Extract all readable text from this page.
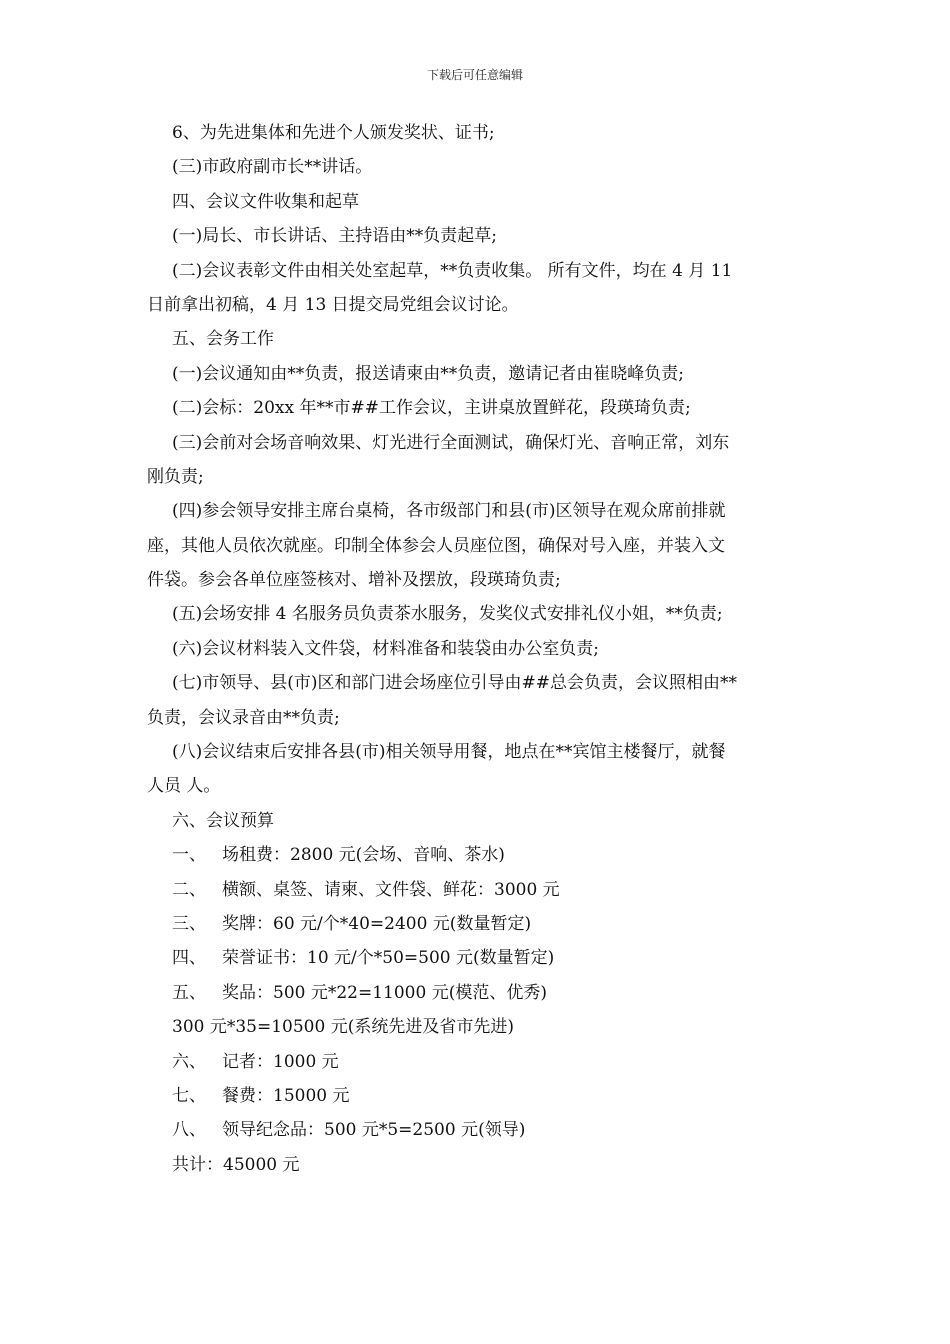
下载后可任意编辑
6、为先进集体和先进个人颁发奖状、证书;
(三)市政府副市长**讲话。
四、会议文件收集和起草
(一)局长、市长讲话、主持语由**负责起草;
(二)会议表彰文件由相关处室起草，**负责收集。 所有文件，均在 4 月 11
日前拿出初稿，4 月 13 日提交局党组会议讨论。
五、会务工作
(一)会议通知由**负责，报送请柬由**负责，邀请记者由崔晓峰负责;
(二)会标：20xx 年**市##工作会议，主讲桌放置鲜花，段瑛琦负责;
(三)会前对会场音响效果、灯光进行全面测试，确保灯光、音响正常，刘东
刚负责;
(四)参会领导安排主席台桌椅，各市级部门和县(市)区领导在观众席前排就
座，其他人员依次就座。印制全体参会人员座位图，确保对号入座，并装入文
件袋。参会各单位座签核对、增补及摆放，段瑛琦负责;
(五)会场安排 4 名服务员负责茶水服务，发奖仪式安排礼仪小姐，**负责;
(六)会议材料装入文件袋，材料准备和装袋由办公室负责;
(七)市领导、县(市)区和部门进会场座位引导由##总会负责，会议照相由**
负责，会议录音由**负责;
(八)会议结束后安排各县(市)相关领导用餐，地点在**宾馆主楼餐厅，就餐
人员 人。
六、会议预算
一、 场租费：2800 元(会场、音响、茶水)
二、 横额、桌签、请柬、文件袋、鲜花：3000 元
三、 奖牌：60 元/个*40=2400 元(数量暂定)
四、 荣誉证书：10 元/个*50=500 元(数量暂定)
五、 奖品：500 元*22=11000 元(模范、优秀)
300 元*35=10500 元(系统先进及省市先进)
六、 记者：1000 元
七、 餐费：15000 元
八、 领导纪念品：500 元*5=2500 元(领导)
共计：45000 元
